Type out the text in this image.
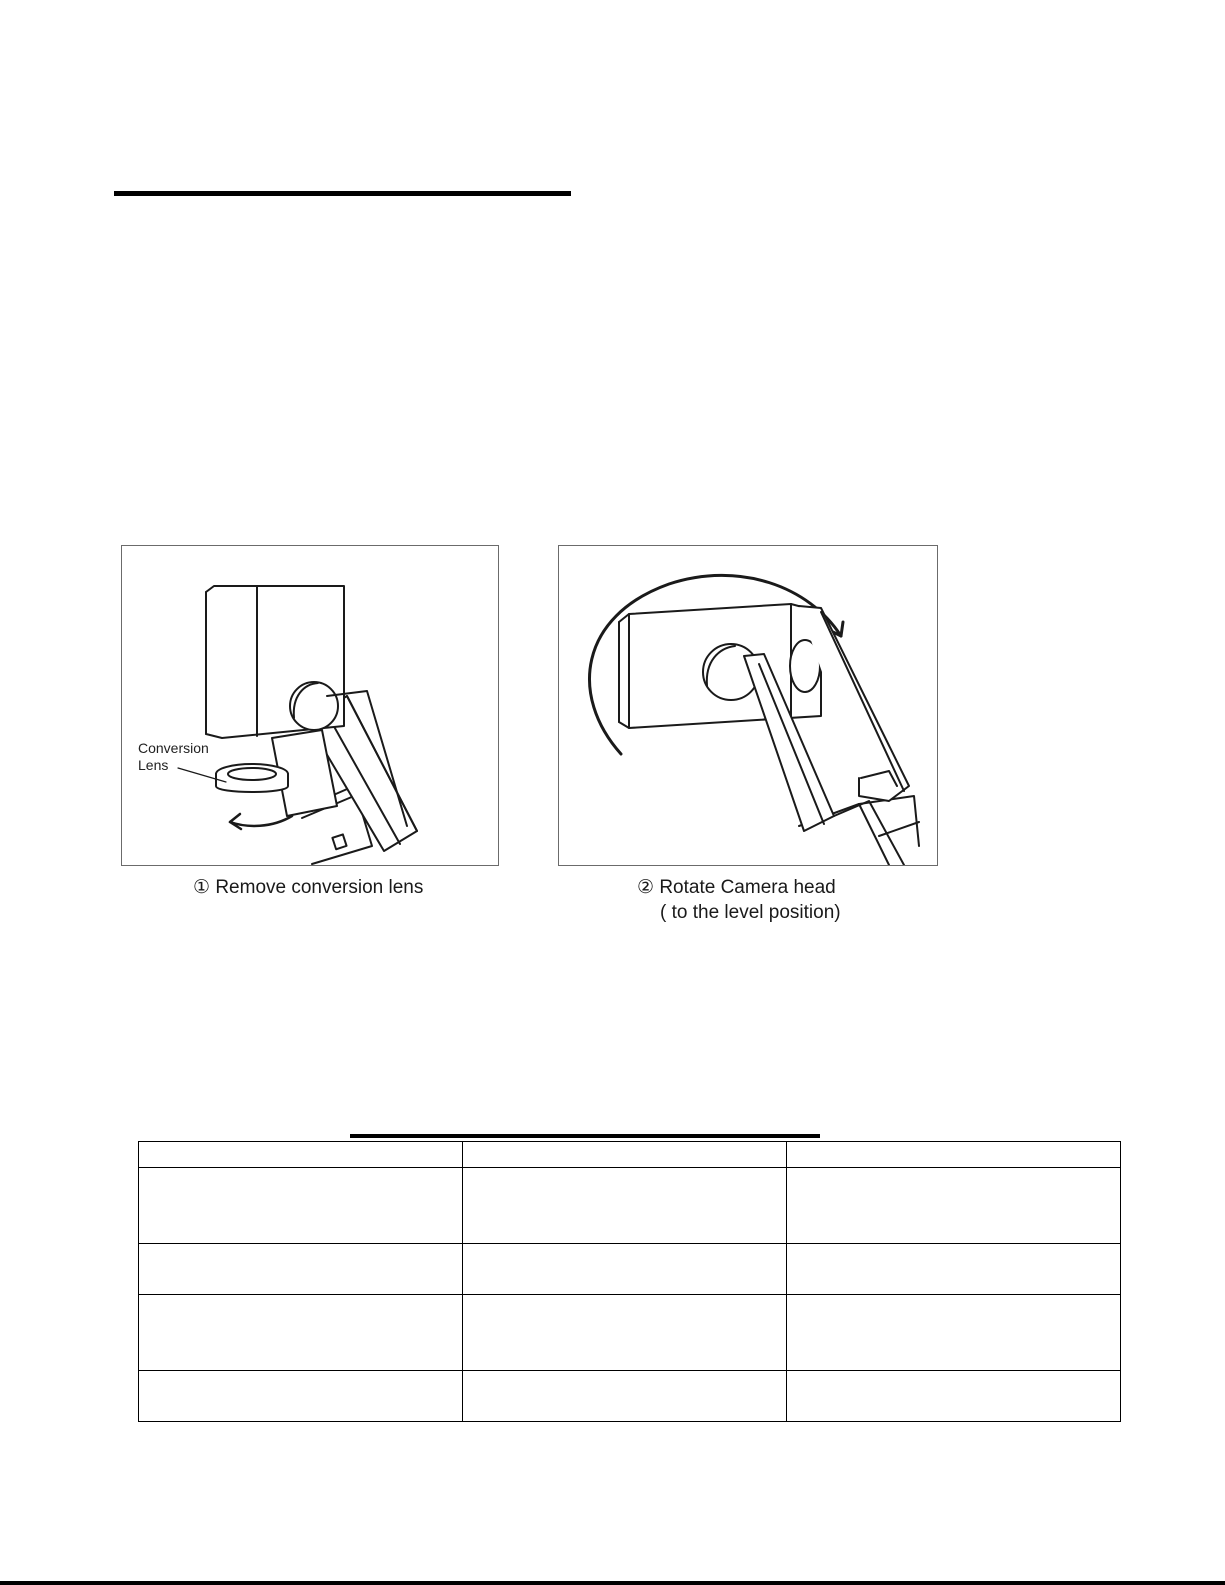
Conversion
Lens
① Remove conversion lens	② Rotate Camera head
( to the level position)
